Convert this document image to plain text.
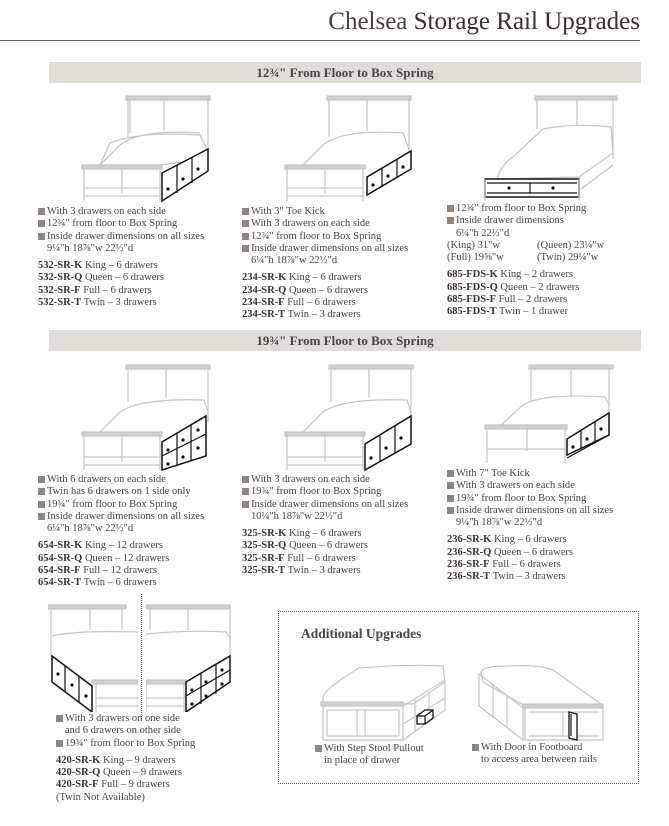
Chelsea Storage Rail Upgrades
12¾" From Floor to Box Spring
With 3 drawers on each side
12¾" from floor to Box Spring
Inside drawer dimensions on all sizes
9¼"h 18⅞"w 22½"d
532-SR-K King – 6 drawers
532-SR-Q Queen – 6 drawers
532-SR-F Full – 6 drawers
532-SR-T Twin – 3 drawers
With 3" Toe Kick
With 3 drawers on each side
12¾" from floor to Box Spring
Inside drawer dimensions on all sizes
6¼"h 18⅞"w 22½"d
234-SR-K King – 6 drawers
234-SR-Q Queen – 6 drawers
234-SR-F Full – 6 drawers
234-SR-T Twin – 3 drawers
12¾" from floor to Box Spring
Inside drawer dimensions
6¼"h 22½"d
(King) 31"w	(Queen) 23¼"w
(Full) 19⅝"w	(Twin) 29¼"w
685-FDS-K King – 2 drawers
685-FDS-Q Queen – 2 drawers
685-FDS-F Full – 2 drawers
685-FDS-T Twin – 1 drawer
19¾" From Floor to Box Spring
With 6 drawers on each side
Twin has 6 drawers on 1 side only
19¾" from floor to Box Spring
Inside drawer dimensions on all sizes
6¼"h 18⅞"w 22½"d
654-SR-K King – 12 drawers
654-SR-Q Queen – 12 drawers
654-SR-F Full – 12 drawers
654-SR-T Twin – 6 drawers
With 3 drawers on each side
19¾" from floor to Box Spring
Inside drawer dimensions on all sizes
10¼"h 18⅞"w 22½"d
325-SR-K King – 6 drawers
325-SR-Q Queen – 6 drawers
325-SR-F Full – 6 drawers
325-SR-T Twin – 3 drawers
With 7" Toe Kick
With 3 drawers on each side
19¾" from floor to Box Spring
Inside drawer dimensions on all sizes
9¼"h 18⅞"w 22½"d
236-SR-K King – 6 drawers
236-SR-Q Queen – 6 drawers
236-SR-F Full – 6 drawers
236-SR-T Twin – 3 drawers
With 3 drawers on one side
and 6 drawers on other side
19¾" from floor to Box Spring
420-SR-K King – 9 drawers
420-SR-Q Queen – 9 drawers
420-SR-F Full – 9 drawers
(Twin Not Available)
Additional Upgrades
With Step Stool Pullout
in place of drawer
With Door in Footboard
to access area between rails
